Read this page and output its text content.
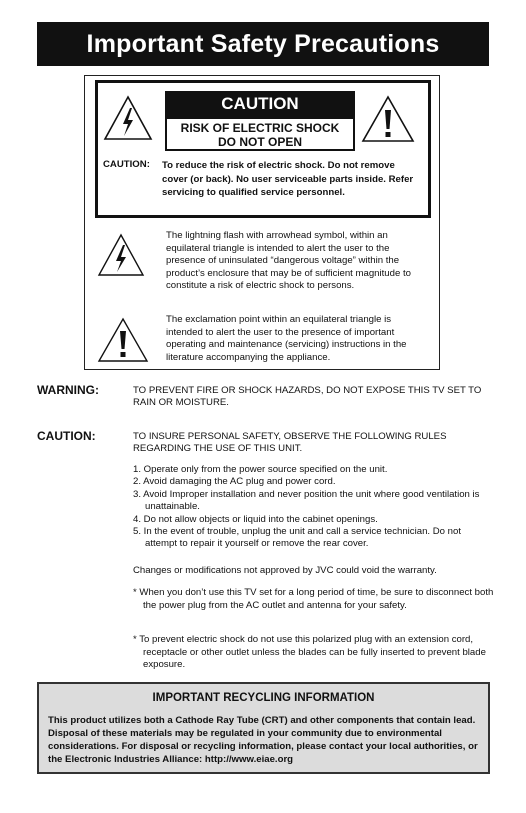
Important Safety Precautions
CAUTION
RISK OF ELECTRIC SHOCK
DO NOT OPEN
CAUTION: To reduce the risk of electric shock. Do not remove cover (or back). No user serviceable parts inside. Refer servicing to qualified service personnel.
The lightning flash with arrowhead symbol, within an equilateral triangle is intended to alert the user to the presence of uninsulated “dangerous voltage” within the product’s enclosure that may be of sufficient magnitude to constitute a risk of electric shock to persons.
The exclamation point within an equilateral triangle is intended to alert the user to the presence of important operating and maintenance (servicing) instructions in the literature accompanying the appliance.
WARNING:	TO PREVENT FIRE OR SHOCK HAZARDS, DO NOT EXPOSE THIS TV SET TO RAIN OR MOISTURE.
CAUTION:	TO INSURE PERSONAL SAFETY, OBSERVE THE FOLLOWING RULES REGARDING THE USE OF THIS UNIT.
1. Operate only from the power source specified on the unit.
2. Avoid damaging the AC plug and power cord.
3. Avoid Improper installation and never position the unit where good ventilation is unattainable.
4. Do not allow objects or liquid into the cabinet openings.
5. In the event of trouble, unplug the unit and call a service technician. Do not attempt to repair it yourself or remove the rear cover.
Changes or modifications not approved by JVC could void the warranty.
* When you don’t use this TV set for a long period of time, be sure to disconnect both the power plug from the AC outlet and antenna for your safety.
* To prevent electric shock do not use this polarized plug with an extension cord, receptacle or other outlet unless the blades can be fully inserted to prevent blade exposure.
IMPORTANT RECYCLING INFORMATION
This product utilizes both a Cathode Ray Tube (CRT) and other components that contain lead. Disposal of these materials may be regulated in your community due to environmental considerations. For disposal or recycling information, please contact your local authorities, or the Electronic Industries Alliance: http://www.eiae.org
